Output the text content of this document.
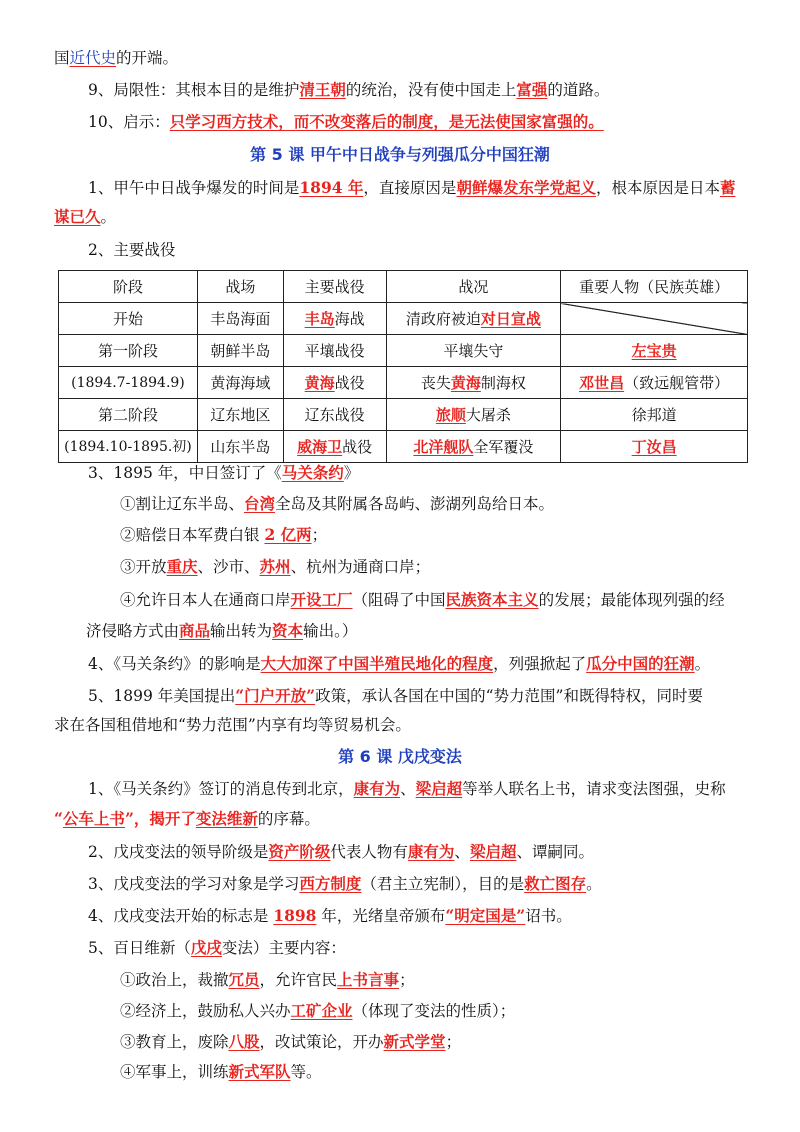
国近代史的开端。
9、局限性：其根本目的是维护清王朝的统治，没有使中国走上富强的道路。
10、启示：只学习西方技术，而不改变落后的制度，是无法使国家富强的。
第 5 课 甲午中日战争与列强瓜分中国狂潮
1、甲午中日战争爆发的时间是1894 年，直接原因是朝鲜爆发东学党起义，根本原因是日本蓄
谋已久。
2、主要战役
阶段	战场	主要战役	战况	重要人物（民族英雄）
开始	丰岛海面	丰岛海战	清政府被迫对日宣战	
第一阶段	朝鲜半岛	平壤战役	平壤失守	左宝贵
(1894.7-1894.9)	黄海海域	黄海战役	丧失黄海制海权	邓世昌（致远舰管带）
第二阶段	辽东地区	辽东战役	旅顺大屠杀	徐邦道
(1894.10-1895.初)	山东半岛	威海卫战役	北洋舰队全军覆没	丁汝昌
3、1895 年，中日签订了《马关条约》
①割让辽东半岛、台湾全岛及其附属各岛屿、澎湖列岛给日本。
②赔偿日本军费白银 2 亿两；
③开放重庆、沙市、苏州、杭州为通商口岸；
④允许日本人在通商口岸开设工厂（阻碍了中国民族资本主义的发展；最能体现列强的经
济侵略方式由商品输出转为资本输出。）
4、《马关条约》的影响是大大加深了中国半殖民地化的程度，列强掀起了瓜分中国的狂潮。
5、1899 年美国提出“门户开放”政策，承认各国在中国的“势力范围”和既得特权，同时要
求在各国租借地和“势力范围”内享有均等贸易机会。
第 6 课 戊戌变法
1、《马关条约》签订的消息传到北京，康有为、梁启超等举人联名上书，请求变法图强，史称
“公车上书”，揭开了变法维新的序幕。
2、戊戌变法的领导阶级是资产阶级代表人物有康有为、梁启超、谭嗣同。
3、戊戌变法的学习对象是学习西方制度（君主立宪制），目的是救亡图存。
4、戊戌变法开始的标志是 1898 年，光绪皇帝颁布“明定国是”诏书。
5、百日维新（戊戌变法）主要内容：
①政治上，裁撤冗员，允许官民上书言事；
②经济上，鼓励私人兴办工矿企业（体现了变法的性质）；
③教育上，废除八股，改试策论，开办新式学堂；
④军事上，训练新式军队等。
